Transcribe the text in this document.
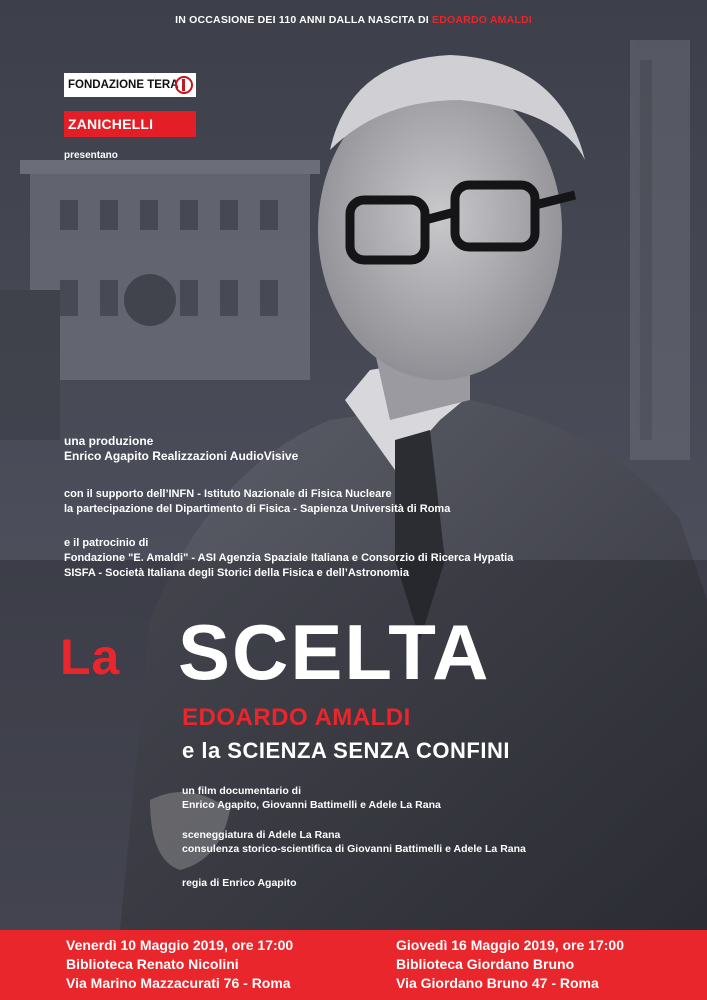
IN OCCASIONE DEI 110 ANNI DALLA NASCITA DI EDOARDO AMALDI
FONDAZIONE TERA
ZANICHELLI
presentano
una produzione
Enrico Agapito Realizzazioni AudioVisive
con il supporto dell’INFN - Istituto Nazionale di Fisica Nucleare
la partecipazione del Dipartimento di Fisica - Sapienza Università di Roma
e il patrocinio di
Fondazione "E. Amaldi" - ASI Agenzia Spaziale Italiana e Consorzio di Ricerca Hypatia
SISFA - Società Italiana degli Storici della Fisica e dell’Astronomia
La SCELTA
EDOARDO AMALDI
e la SCIENZA SENZA CONFINI
un film documentario di
Enrico Agapito, Giovanni Battimelli e Adele La Rana
sceneggiatura di Adele La Rana
consulenza storico-scientifica di Giovanni Battimelli e Adele La Rana
regia di Enrico Agapito
Venerdì 10 Maggio 2019, ore 17:00
Biblioteca Renato Nicolini
Via Marino Mazzacurati 76 - Roma
Giovedì 16 Maggio 2019, ore 17:00
Biblioteca Giordano Bruno
Via Giordano Bruno 47 - Roma
